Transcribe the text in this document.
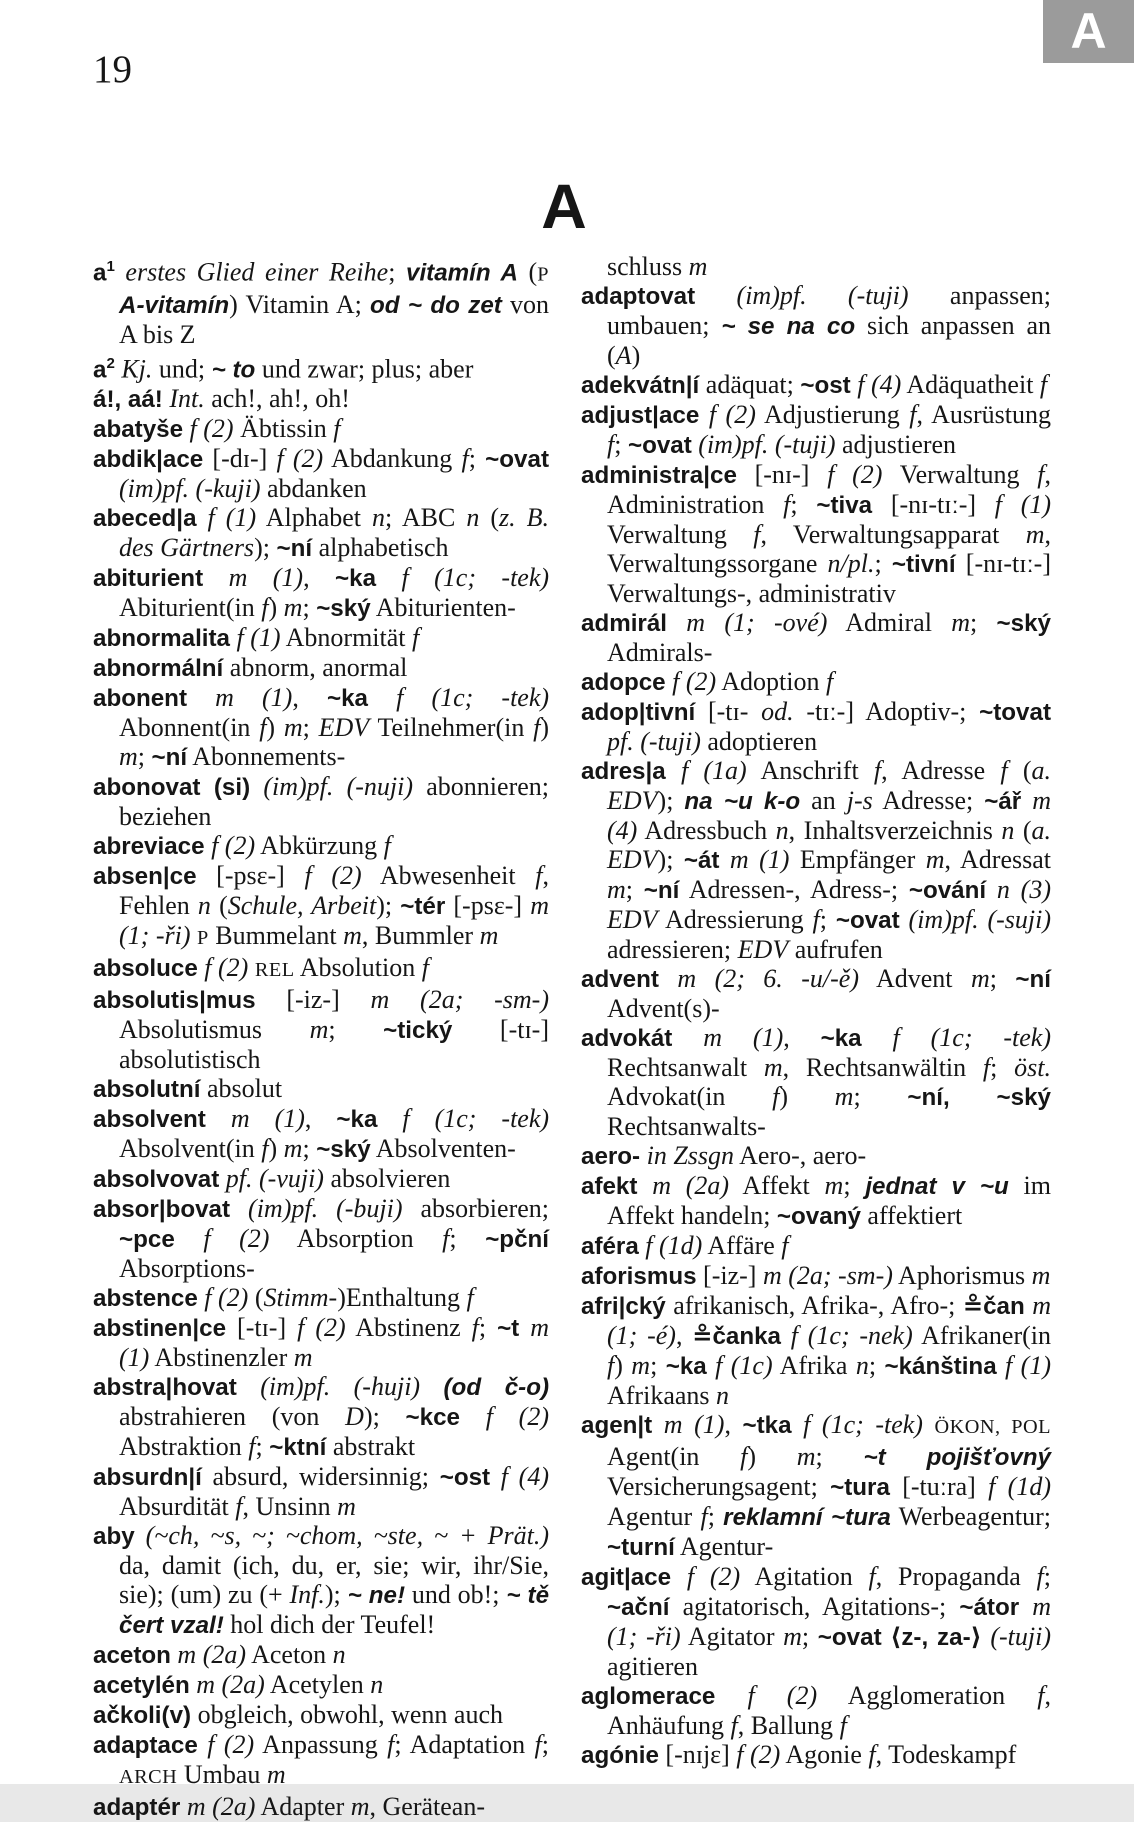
A
19
A

$a^1$ erstes Glied einer Reihe; vitamín A (P A-vitamín) Vitamin A; od ~ do zet von A bis Z

$a^2$ Kj. und; ~ to und zwar; plus; aber

á!, aá! Int. ach!, ah!, oh!

abatyše f (2) Äbtissin f

abdik|ace [-dɪ-] f (2) Abdankung f; ~ovat (im)pf. (-kuji) abdanken

abeced|a f (1) Alphabet n; ABC n (z. B. des Gärtners); ~ní alphabetisch

abiturient m (1), ~ka f (1c; -tek) Abiturient(in f) m; ~ský Abiturienten-

abnormalita f (1) Abnormität f

abnormální abnorm, anormal

abonent m (1), ~ka f (1c; -tek) Abonnent(in f) m; EDV Teilnehmer(in f) m; ~ní Abonnements-

abonovat (si) (im)pf. (-nuji) abonnieren; beziehen

abreviace f (2) Abkürzung f

absen|ce [-psɛ-] f (2) Abwesenheit f, Fehlen n (Schule, Arbeit); ~tér [-psɛ-] m (1; -ři) P Bummelant m, Bummler m

absoluce f (2) REL Absolution f

absolutis|mus [-iz-] m (2a; -sm-) Absolutismus m; ~tický [-tɪ-] absolutistisch

absolutní absolut

absolvent m (1), ~ka f (1c; -tek) Absolvent(in f) m; ~ský Absolventen-

absolvovat pf. (-vuji) absolvieren

absor|bovat (im)pf. (-buji) absorbieren; ~pce f (2) Absorption f; ~pční Absorptions-

abstence f (2) (Stimm-)Enthaltung f

abstinen|ce [-tɪ-] f (2) Abstinenz f; ~t m (1) Abstinenzler m

abstra|hovat (im)pf. (-huji) (od č-o) abstrahieren (von D); ~kce f (2) Abstraktion f; ~ktní abstrakt

absurdn|í absurd, widersinnig; ~ost f (4) Absurdität f, Unsinn m

aby (~ch, ~s, ~; ~chom, ~ste, ~ + Prät.) da, damit (ich, du, er, sie; wir, ihr/Sie, sie); (um) zu (+ Inf.); ~ ne! und ob!; ~ tě čert vzal! hol dich der Teufel!

aceton m (2a) Aceton n

acetylén m (2a) Acetylen n

ačkoli(v) obgleich, obwohl, wenn auch

adaptace f (2) Anpassung f; Adaptation f; ARCH Umbau m

adaptér m (2a) Adapter m, Gerätean-

schluss m

adaptovat (im)pf. (-tuji) anpassen; umbauen; ~ se na co sich anpassen an (A)

adekvátn|í adäquat; ~ost f (4) Adäquatheit f

adjust|ace f (2) Adjustierung f, Ausrüstung f; ~ovat (im)pf. (-tuji) adjustieren

administra|ce [-nɪ-] f (2) Verwaltung f, Administration f; ~tiva [-nɪ-tɪː-] f (1) Verwaltung f, Verwaltungsapparat m, Verwaltungssorgane n/pl.; ~tivní [-nɪ-tɪː-] Verwaltungs-, administrativ

admirál m (1; -ové) Admiral m; ~ský Admirals-

adopce f (2) Adoption f

adop|tivní [-tɪ- od. -tɪː-] Adoptiv-; ~tovat pf. (-tuji) adoptieren

adres|a f (1a) Anschrift f, Adresse f (a. EDV); na ~u k-o an j-s Adresse; ~ář m (4) Adressbuch n, Inhaltsverzeichnis n (a. EDV); ~át m (1) Empfänger m, Adressat m; ~ní Adressen-, Adress-; ~ování n (3) EDV Adressierung f; ~ovat (im)pf. (-suji) adressieren; EDV aufrufen

advent m (2; 6. -u/-ě) Advent m; ~ní Advent(s)-

advokát m (1), ~ka f (1c; -tek) Rechtsanwalt m, Rechtsanwältin f; öst. Advokat(in f) m; ~ní, ~ský Rechtsanwalts-

aero- in Zssgn Aero-, aero-

afekt m (2a) Affekt m; jednat v ~u im Affekt handeln; ~ovaný affektiert

aféra f (1d) Affäre f

aforismus [-iz-] m (2a; -sm-) Aphorismus m

afri|cký afrikanisch, Afrika-, Afro-; ≗čan m (1; -é), ≗čanka f (1c; -nek) Afrikaner(in f) m; ~ka f (1c) Afrika n; ~kánština f (1) Afrikaans n

agen|t m (1), ~tka f (1c; -tek) ÖKON, POL Agent(in f) m; ~t pojišťovný Versicherungsagent; ~tura [-tuːra] f (1d) Agentur f; reklamní ~tura Werbeagentur; ~turní Agentur-

agit|ace f (2) Agitation f, Propaganda f; ~ační agitatorisch, Agitations-; ~átor m (1; -ři) Agitator m; ~ovat ⟨z-, za-⟩ (-tuji) agitieren

aglomerace f (2) Agglomeration f, Anhäufung f, Ballung f

agónie [-nɪjɛ] f (2) Agonie f, Todeskampf
